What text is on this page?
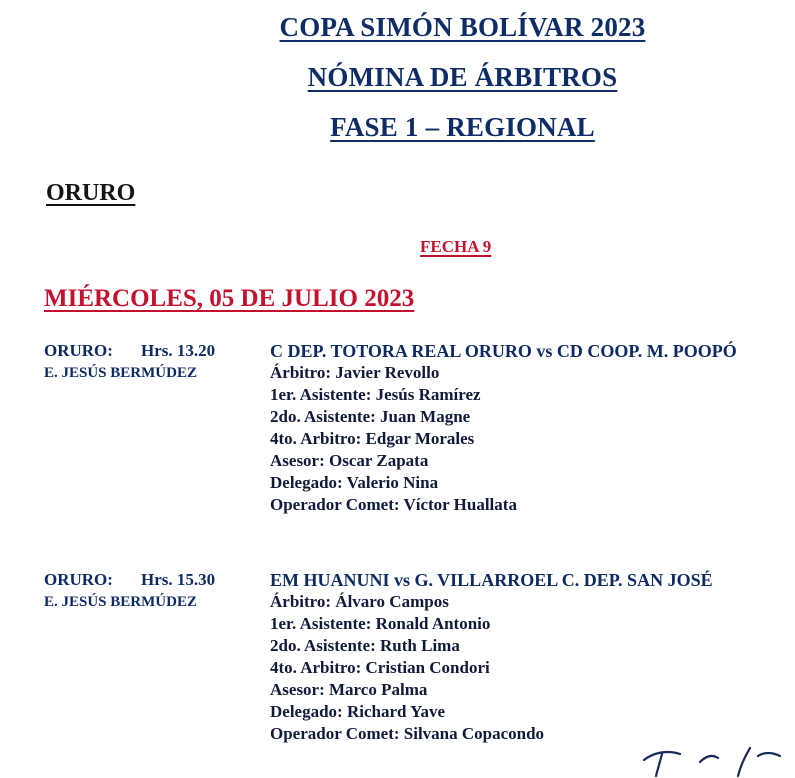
COPA SIMÓN BOLÍVAR 2023
NÓMINA DE ÁRBITROS
FASE 1 – REGIONAL
ORURO
FECHA 9
MIÉRCOLES, 05 DE JULIO 2023
ORURO: Hrs. 13.20
E. JESÚS BERMÚDEZ
C DEP. TOTORA REAL ORURO vs CD COOP. M. POOPÓ
Árbitro: Javier Revollo
1er. Asistente: Jesús Ramírez
2do. Asistente: Juan Magne
4to. Arbitro: Edgar Morales
Asesor: Oscar Zapata
Delegado: Valerio Nina
Operador Comet: Víctor Huallata
ORURO: Hrs. 15.30
E. JESÚS BERMÚDEZ
EM HUANUNI vs G. VILLARROEL C. DEP. SAN JOSÉ
Árbitro: Álvaro Campos
1er. Asistente: Ronald Antonio
2do. Asistente: Ruth Lima
4to. Arbitro: Cristian Condori
Asesor: Marco Palma
Delegado: Richard Yave
Operador Comet: Silvana Copacondo
